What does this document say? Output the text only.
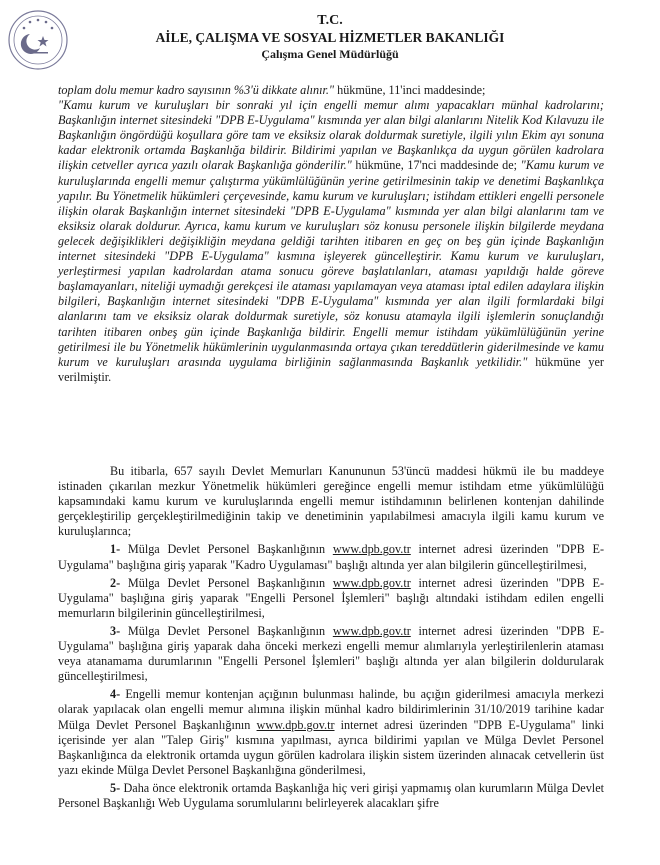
T.C.
AİLE, ÇALIŞMA VE SOSYAL HİZMETLER BAKANLIĞI
Çalışma Genel Müdürlüğü
toplam dolu memur kadro sayısının %3'ü dikkate alınır." hükmüne, 11'inci maddesinde;
"Kamu kurum ve kuruluşları bir sonraki yıl için engelli memur alımı yapacakları münhal kadrolarını; Başkanlığın internet sitesindeki "DPB E-Uygulama" kısmında yer alan bilgi alanlarını Nitelik Kod Kılavuzu ile Başkanlığın öngördüğü koşullara göre tam ve eksiksiz olarak doldurmak suretiyle, ilgili yılın Ekim ayı sonuna kadar elektronik ortamda Başkanlığa bildirir. Bildirimi yapılan ve Başkanlıkça da uygun görülen kadrolara ilişkin cetveller ayrıca yazılı olarak Başkanlığa gönderilir." hükmüne, 17'nci maddesinde de; "Kamu kurum ve kuruluşlarında engelli memur çalıştırma yükümlülüğünün yerine getirilmesinin takip ve denetimi Başkanlıkça yapılır. Bu Yönetmelik hükümleri çerçevesinde, kamu kurum ve kuruluşları; istihdam ettikleri engelli personele ilişkin olarak Başkanlığın internet sitesindeki "DPB E-Uygulama" kısmında yer alan bilgi alanlarını tam ve eksiksiz olarak doldurur. Ayrıca, kamu kurum ve kuruluşları söz konusu personele ilişkin bilgilerde meydana gelecek değişiklikleri değişikliğin meydana geldiği tarihten itibaren en geç on beş gün içinde Başkanlığın internet sitesindeki "DPB E-Uygulama" kısmına işleyerek güncelleştirir. Kamu kurum ve kuruluşları, yerleştirmesi yapılan kadrolardan atama sonucu göreve başlatılanları, ataması yapıldığı halde göreve başlamayanları, niteliği uymadığı gerekçesi ile ataması yapılamayan veya ataması iptal edilen adaylara ilişkin bilgileri, Başkanlığın internet sitesindeki "DPB E-Uygulama" kısmında yer alan ilgili formlardaki bilgi alanlarını tam ve eksiksiz olarak doldurmak suretiyle, söz konusu atamayla ilgili işlemlerin sonuçlandığı tarihten itibaren onbeş gün içinde Başkanlığa bildirir. Engelli memur istihdam yükümlülüğünün yerine getirilmesi ile bu Yönetmelik hükümlerinin uygulanmasında ortaya çıkan tereddütlerin giderilmesinde ve kamu kurum ve kuruluşları arasında uygulama birliğinin sağlanmasında Başkanlık yetkilidir." hükmüne yer verilmiştir.

Bu itibarla, 657 sayılı Devlet Memurları Kanununun 53'üncü maddesi hükmü ile bu maddeye istinaden çıkarılan mezkur Yönetmelik hükümleri gereğince engelli memur istihdam etme yükümlülüğü kapsamındaki kamu kurum ve kuruluşlarında engelli memur istihdamının belirlenen kontenjan dahilinde gerçekleştirilip gerçekleştirilmediğinin takip ve denetiminin yapılabilmesi amacıyla ilgili kamu kurum ve kuruluşlarınca;

1- Mülga Devlet Personel Başkanlığının www.dpb.gov.tr internet adresi üzerinden "DPB E-Uygulama" başlığına giriş yaparak "Kadro Uygulaması" başlığı altında yer alan bilgilerin güncelleştirilmesi,

2- Mülga Devlet Personel Başkanlığının www.dpb.gov.tr internet adresi üzerinden "DPB E-Uygulama" başlığına giriş yaparak "Engelli Personel İşlemleri" başlığı altındaki istihdam edilen engelli memurların bilgilerinin güncelleştirilmesi,

3- Mülga Devlet Personel Başkanlığının www.dpb.gov.tr internet adresi üzerinden "DPB E-Uygulama" başlığına giriş yaparak daha önceki merkezi engelli memur alımlarıyla yerleştirilenlerin ataması veya atanamama durumlarının "Engelli Personel İşlemleri" başlığı altında yer alan bilgilerin doldurularak güncelleştirilmesi,

4- Engelli memur kontenjan açığının bulunması halinde, bu açığın giderilmesi amacıyla merkezi olarak yapılacak olan engelli memur alımına ilişkin münhal kadro bildirimlerinin 31/10/2019 tarihine kadar Mülga Devlet Personel Başkanlığının www.dpb.gov.tr internet adresi üzerinden "DPB E-Uygulama" linki içerisinde yer alan "Talep Giriş" kısmına yapılması, ayrıca bildirimi yapılan ve Mülga Devlet Personel Başkanlığınca da elektronik ortamda uygun görülen kadrolara ilişkin sistem üzerinden alınacak cetvellerin üst yazı ekinde Mülga Devlet Personel Başkanlığına gönderilmesi,

5- Daha önce elektronik ortamda Başkanlığa hiç veri girişi yapmamış olan kurumların Mülga Devlet Personel Başkanlığı Web Uygulama sorumlularını belirleyerek alacakları şifre
